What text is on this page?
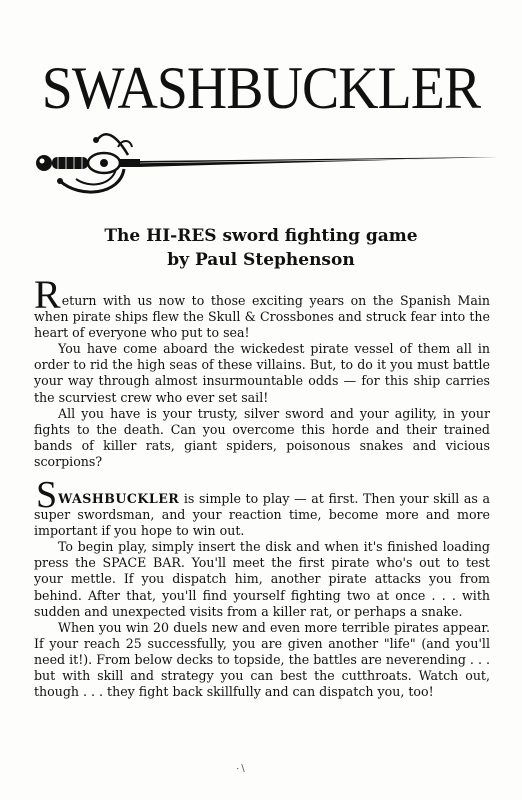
SWASHBUCKLER
The HI-RES sword fighting game
by Paul Stephenson

Return with us now to those exciting years on the Spanish Main when pirate ships flew the Skull & Crossbones and struck fear into the heart of everyone who put to sea!

You have come aboard the wickedest pirate vessel of them all in order to rid the high seas of these villains. But, to do it you must battle your way through almost insurmountable odds — for this ship carries the scurviest crew who ever set sail!

All you have is your trusty, silver sword and your agility, in your fights to the death. Can you overcome this horde and their trained bands of killer rats, giant spiders, poisonous snakes and vicious scorpions?

SWASHBUCKLER is simple to play — at first. Then your skill as a super swordsman, and your reaction time, become more and more important if you hope to win out.

To begin play, simply insert the disk and when it's finished loading press the SPACE BAR. You'll meet the first pirate who's out to test your mettle. If you dispatch him, another pirate attacks you from behind. After that, you'll find yourself fighting two at once . . . with sudden and unexpected visits from a killer rat, or perhaps a snake.

When you win 20 duels new and even more terrible pirates appear. If your reach 25 successfully, you are given another "life" (and you'll need it!). From below decks to topside, the battles are neverending . . . but with skill and strategy you can best the cutthroats. Watch out, though . . . they fight back skillfully and can dispatch you, too!

⋅∖
